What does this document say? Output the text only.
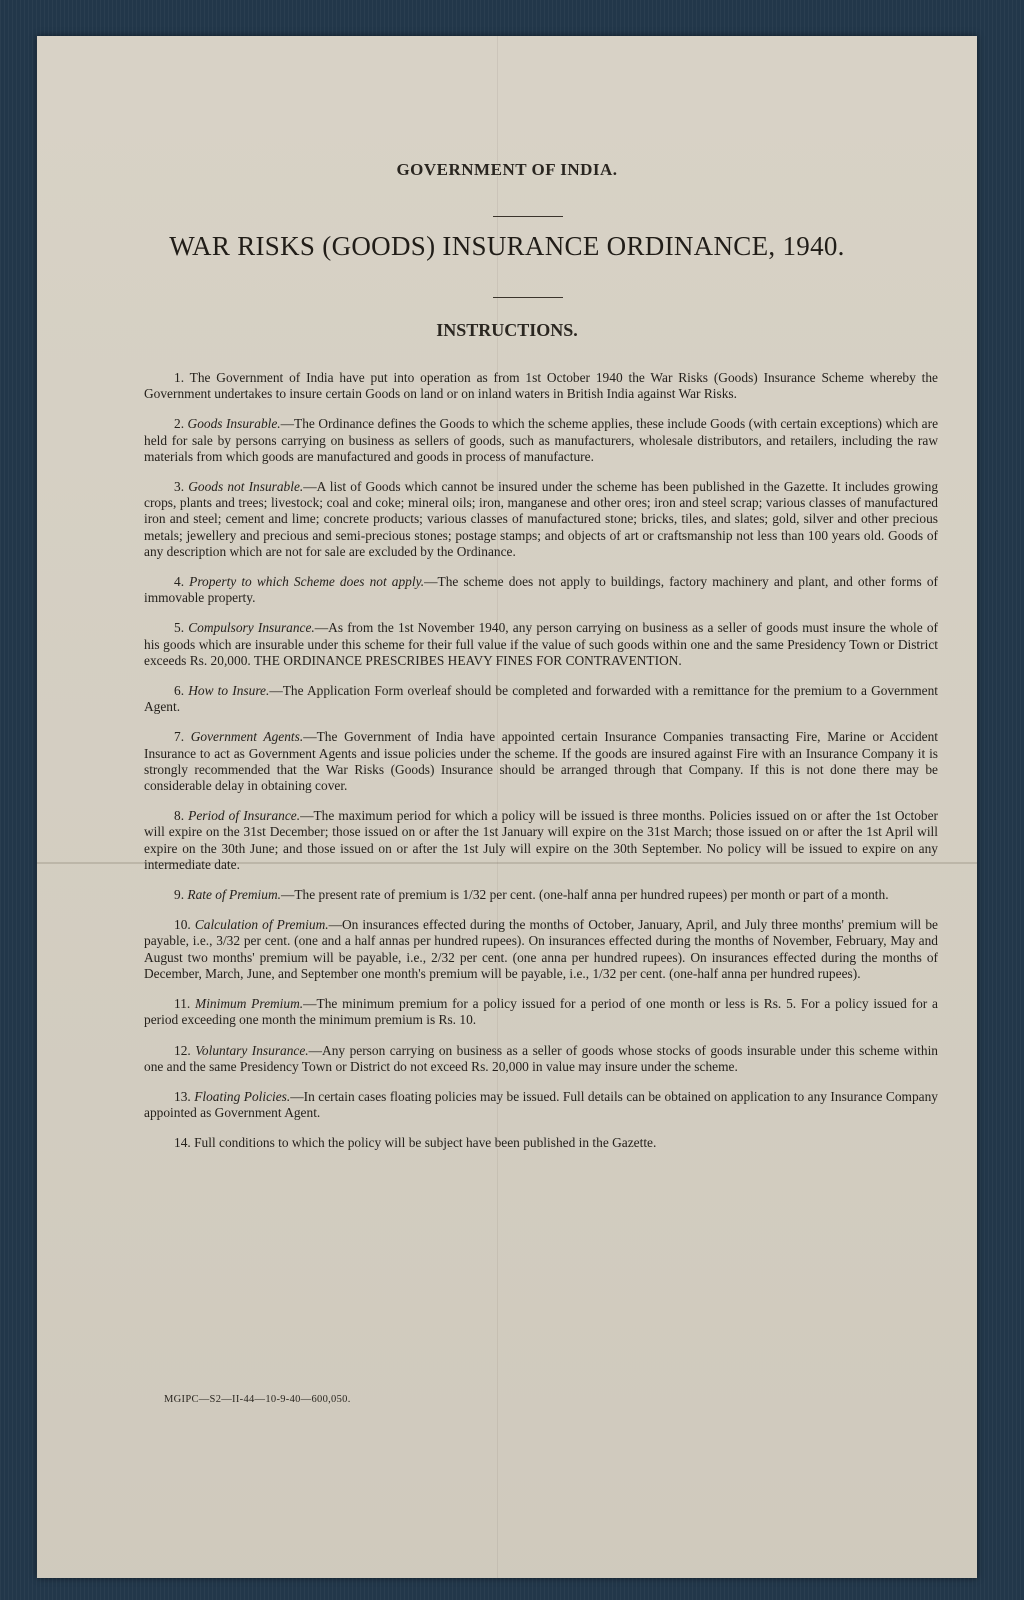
GOVERNMENT OF INDIA.
WAR RISKS (GOODS) INSURANCE ORDINANCE, 1940.
INSTRUCTIONS.

1. The Government of India have put into operation as from 1st October 1940 the War Risks (Goods) Insurance Scheme whereby the Government undertakes to insure certain Goods on land or on inland waters in British India against War Risks.

2. Goods Insurable.—The Ordinance defines the Goods to which the scheme applies, these include Goods (with certain exceptions) which are held for sale by persons carrying on business as sellers of goods, such as manufacturers, wholesale distributors, and retailers, including the raw materials from which goods are manufactured and goods in process of manufacture.

3. Goods not Insurable.—A list of Goods which cannot be insured under the scheme has been published in the Gazette. It includes growing crops, plants and trees; livestock; coal and coke; mineral oils; iron, manganese and other ores; iron and steel scrap; various classes of manufactured iron and steel; cement and lime; concrete products; various classes of manufactured stone; bricks, tiles, and slates; gold, silver and other precious metals; jewellery and precious and semi-precious stones; postage stamps; and objects of art or craftsmanship not less than 100 years old. Goods of any description which are not for sale are excluded by the Ordinance.

4. Property to which Scheme does not apply.—The scheme does not apply to buildings, factory machinery and plant, and other forms of immovable property.

5. Compulsory Insurance.—As from the 1st November 1940, any person carrying on business as a seller of goods must insure the whole of his goods which are insurable under this scheme for their full value if the value of such goods within one and the same Presidency Town or District exceeds Rs. 20,000. THE ORDINANCE PRESCRIBES HEAVY FINES FOR CONTRAVENTION.

6. How to Insure.—The Application Form overleaf should be completed and forwarded with a remittance for the premium to a Government Agent.

7. Government Agents.—The Government of India have appointed certain Insurance Companies transacting Fire, Marine or Accident Insurance to act as Government Agents and issue policies under the scheme. If the goods are insured against Fire with an Insurance Company it is strongly recommended that the War Risks (Goods) Insurance should be arranged through that Company. If this is not done there may be considerable delay in obtaining cover.

8. Period of Insurance.—The maximum period for which a policy will be issued is three months. Policies issued on or after the 1st October will expire on the 31st December; those issued on or after the 1st January will expire on the 31st March; those issued on or after the 1st April will expire on the 30th June; and those issued on or after the 1st July will expire on the 30th September. No policy will be issued to expire on any intermediate date.

9. Rate of Premium.—The present rate of premium is 1/32 per cent. (one-half anna per hundred rupees) per month or part of a month.

10. Calculation of Premium.—On insurances effected during the months of October, January, April, and July three months' premium will be payable, i.e., 3/32 per cent. (one and a half annas per hundred rupees). On insurances effected during the months of November, February, May and August two months' premium will be payable, i.e., 2/32 per cent. (one anna per hundred rupees). On insurances effected during the months of December, March, June, and September one month's premium will be payable, i.e., 1/32 per cent. (one-half anna per hundred rupees).

11. Minimum Premium.—The minimum premium for a policy issued for a period of one month or less is Rs. 5. For a policy issued for a period exceeding one month the minimum premium is Rs. 10.

12. Voluntary Insurance.—Any person carrying on business as a seller of goods whose stocks of goods insurable under this scheme within one and the same Presidency Town or District do not exceed Rs. 20,000 in value may insure under the scheme.

13. Floating Policies.—In certain cases floating policies may be issued. Full details can be obtained on application to any Insurance Company appointed as Government Agent.

14. Full conditions to which the policy will be subject have been published in the Gazette.

MGIPC—S2—II-44—10-9-40—600,050.
